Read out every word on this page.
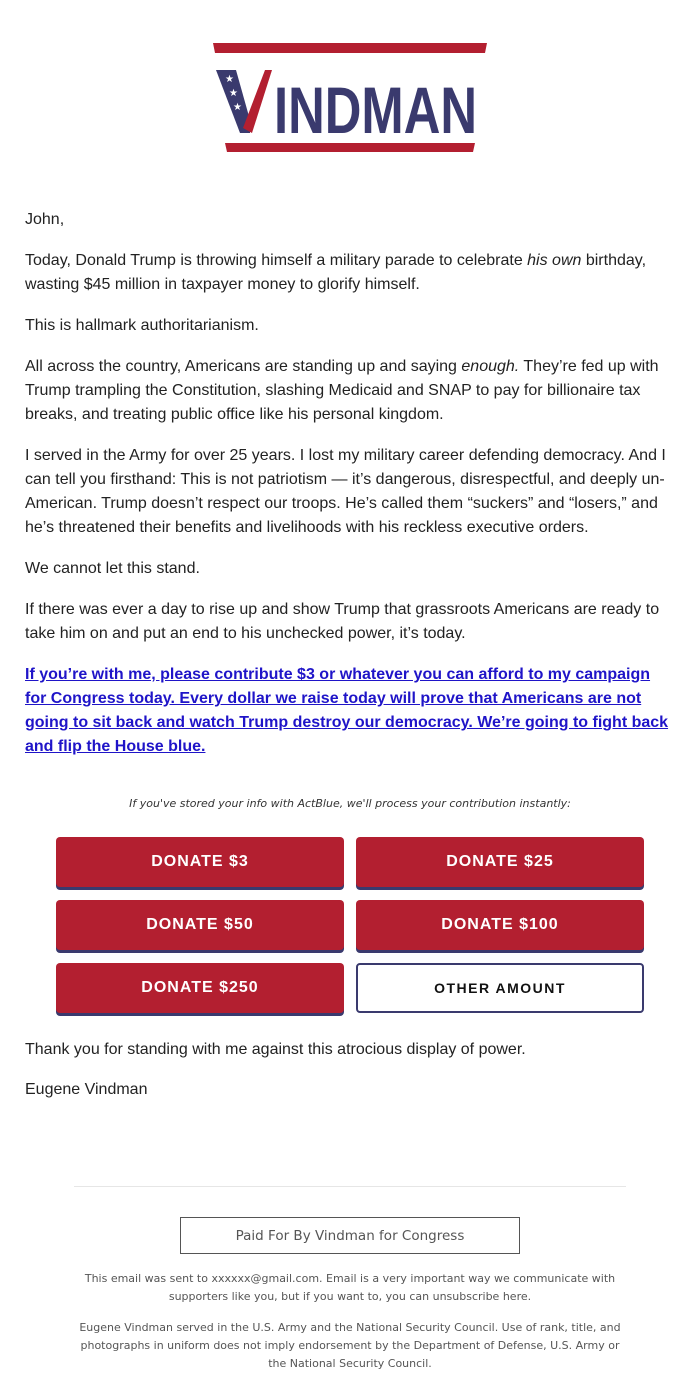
★
★
★ INDMAN

John,

Today, Donald Trump is throwing himself a military parade to celebrate his own birthday, wasting $45 million in taxpayer money to glorify himself.

This is hallmark authoritarianism.

All across the country, Americans are standing up and saying enough. They’re fed up with Trump trampling the Constitution, slashing Medicaid and SNAP to pay for billionaire tax breaks, and treating public office like his personal kingdom.

I served in the Army for over 25 years. I lost my military career defending democracy. And I can tell you firsthand: This is not patriotism — it’s dangerous, disrespectful, and deeply un-American. Trump doesn’t respect our troops. He’s called them “suckers” and “losers,” and he’s threatened their benefits and livelihoods with his reckless executive orders.

We cannot let this stand.

If there was ever a day to rise up and show Trump that grassroots Americans are ready to take him on and put an end to his unchecked power, it’s today.

If you’re with me, please contribute $3 or whatever you can afford to my campaign for Congress today. Every dollar we raise today will prove that Americans are not going to sit back and watch Trump destroy our democracy. We’re going to fight back and flip the House blue.
If you've stored your info with ActBlue, we'll process your contribution instantly:
DONATE $3	DONATE $25
DONATE $50	DONATE $100
DONATE $250	OTHER AMOUNT

Thank you for standing with me against this atrocious display of power.

Eugene Vindman

Paid For By Vindman for Congress
This email was sent to xxxxxx@gmail.com. Email is a very important way we communicate with supporters like you, but if you want to, you can unsubscribe here.
Eugene Vindman served in the U.S. Army and the National Security Council. Use of rank, title, and photographs in uniform does not imply endorsement by the Department of Defense, U.S. Army or the National Security Council.
